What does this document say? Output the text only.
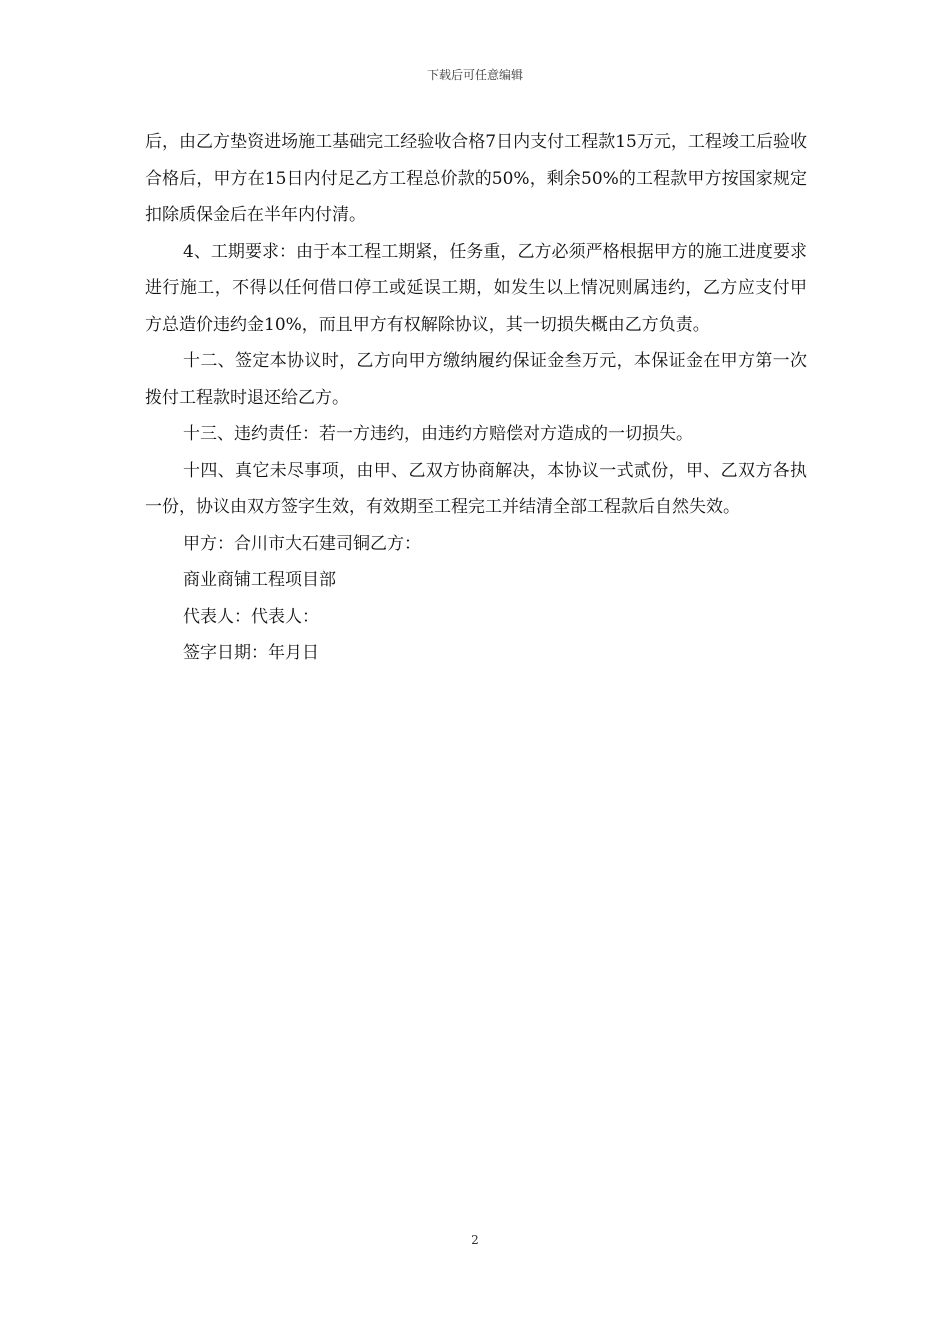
下载后可任意编辑

后，由乙方垫资进场施工基础完工经验收合格7日内支付工程款15万元，工程竣工后验收合格后，甲方在15日内付足乙方工程总价款的50%，剩余50%的工程款甲方按国家规定扣除质保金后在半年内付清。

4、工期要求：由于本工程工期紧，任务重，乙方必须严格根据甲方的施工进度要求进行施工，不得以任何借口停工或延误工期，如发生以上情况则属违约，乙方应支付甲方总造价违约金10%，而且甲方有权解除协议，其一切损失概由乙方负责。

十二、签定本协议时，乙方向甲方缴纳履约保证金叁万元，本保证金在甲方第一次拨付工程款时退还给乙方。

十三、违约责任：若一方违约，由违约方赔偿对方造成的一切损失。

十四、真它未尽事项，由甲、乙双方协商解决，本协议一式贰份，甲、乙双方各执一份，协议由双方签字生效，有效期至工程完工并结清全部工程款后自然失效。

甲方：合川市大石建司铜乙方：

商业商铺工程项目部

代表人：代表人：

签字日期：年月日

2
